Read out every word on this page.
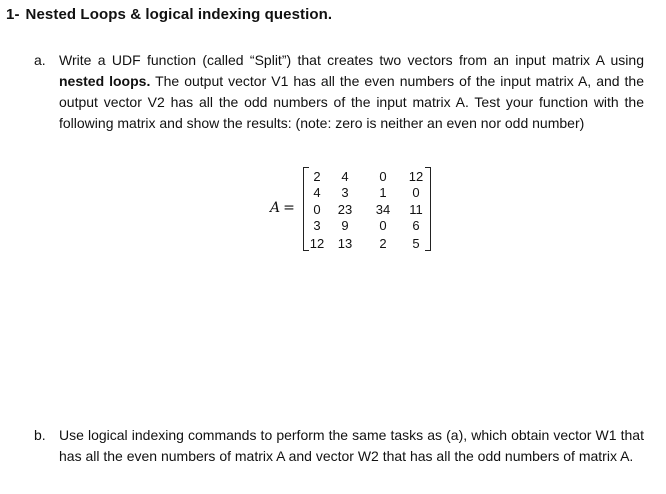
1- Nested Loops & logical indexing question.
a. Write a UDF function (called “Split”) that creates two vectors from an input matrix A using nested loops. The output vector V1 has all the even numbers of the input matrix A, and the output vector V2 has all the odd numbers of the input matrix A. Test your function with the following matrix and show the results: (note: zero is neither an even nor odd number)
A =
2	4	0	12
4	3	1	0
0	23	34	11
3	9	0	6
12	13	2	5
b. Use logical indexing commands to perform the same tasks as (a), which obtain vector W1 that has all the even numbers of matrix A and vector W2 that has all the odd numbers of matrix A.
